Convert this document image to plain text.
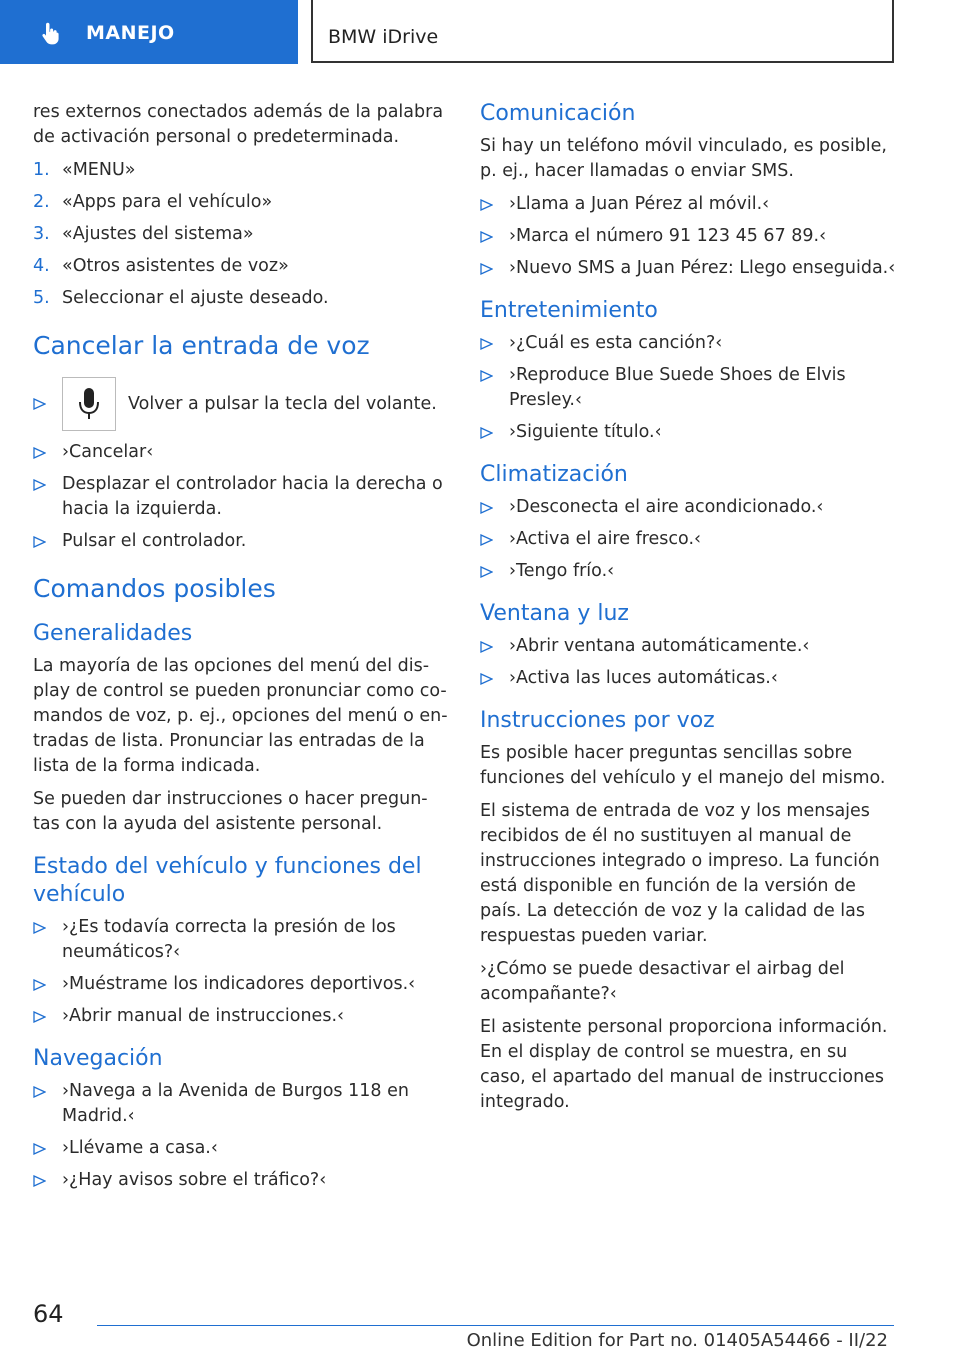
MANEJO	BMW iDrive

res externos conectados además de la palabra de activación personal o predeterminada.

1. «MENU»
2. «Apps para el vehículo»
3. «Ajustes del sistema»
4. «Otros asistentes de voz»
5. Seleccionar el ajuste deseado.
Cancelar la entrada de voz
Volver a pulsar la tecla del volante.
›Cancelar‹
Desplazar el controlador hacia la derecha o hacia la izquierda.
Pulsar el controlador.
Comandos posibles
Generalidades

La mayoría de las opciones del menú del dis-play de control se pueden pronunciar como co-mandos de voz, p. ej., opciones del menú o en-tradas de lista. Pronunciar las entradas de la lista de la forma indicada.

Se pueden dar instrucciones o hacer pregun-tas con la ayuda del asistente personal.

Estado del vehículo y funciones del vehículo
›¿Es todavía correcta la presión de los neumáticos?‹
›Muéstrame los indicadores deportivos.‹
›Abrir manual de instrucciones.‹
Navegación
›Navega a la Avenida de Burgos 118 en Madrid.‹
›Llévame a casa.‹
›¿Hay avisos sobre el tráfico?‹
Comunicación

Si hay un teléfono móvil vinculado, es posible, p. ej., hacer llamadas o enviar SMS.

›Llama a Juan Pérez al móvil.‹
›Marca el número 91 123 45 67 89.‹
›Nuevo SMS a Juan Pérez: Llego enseguida.‹
Entretenimiento
›¿Cuál es esta canción?‹
›Reproduce Blue Suede Shoes de Elvis Presley.‹
›Siguiente título.‹
Climatización
›Desconecta el aire acondicionado.‹
›Activa el aire fresco.‹
›Tengo frío.‹
Ventana y luz
›Abrir ventana automáticamente.‹
›Activa las luces automáticas.‹
Instrucciones por voz

Es posible hacer preguntas sencillas sobre funciones del vehículo y el manejo del mismo.

El sistema de entrada de voz y los mensajes recibidos de él no sustituyen al manual de instrucciones integrado o impreso. La función está disponible en función de la versión de país. La detección de voz y la calidad de las respuestas pueden variar.

›¿Cómo se puede desactivar el airbag del acompañante?‹

El asistente personal proporciona información. En el display de control se muestra, en su caso, el apartado del manual de instrucciones integrado.

64
Online Edition for Part no. 01405A54466 - II/22
